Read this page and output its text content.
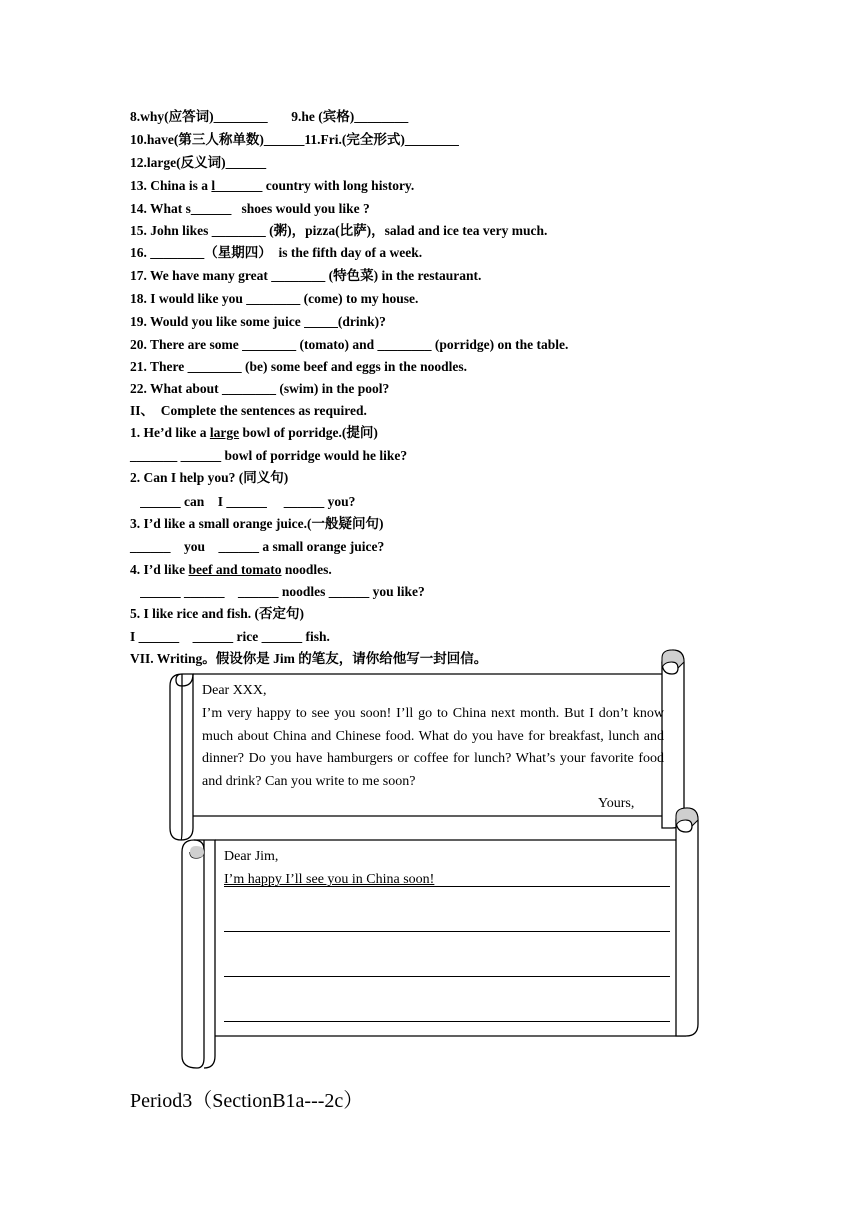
8.why(应答词)________       9.he (宾格)________
10.have(第三人称单数)______11.Fri.(完全形式)________
12.large(反义词)______
13. China is a l_______ country with long history.
14. What s______   shoes would you like ?
15. John likes ________ (粥)，pizza(比萨)，salad and ice tea very much.
16. ________（星期四）  is the fifth day of a week.
17. We have many great ________ (特色菜) in the restaurant.
18. I would like you ________ (come) to my house.
19. Would you like some juice _____(drink)?
20. There are some ________ (tomato) and ________ (porridge) on the table.
21. There ________ (be) some beef and eggs in the noodles.
22. What about ________ (swim) in the pool?
II、  Complete the sentences as required.
1. He’d like a large bowl of porridge.(提问)
_______ ______ bowl of porridge would he like?
2. Can I help you? (同义句)
______ can    I ______     ______ you?
3. I’d like a small orange juice.(一般疑问句)
______    you    ______ a small orange juice?
4. I’d like beef and tomato noodles.
______ ______    ______ noodles ______ you like?
5. I like rice and fish. (否定句)
I ______    ______ rice ______ fish.
VII. Writing。假设你是 Jim 的笔友，请你给他写一封回信。
Dear XXX,
I’m very happy to see you soon! I’ll go to China next month. But I don’t know much about China and Chinese food. What do you have for breakfast, lunch and dinner? Do you have hamburgers or coffee for lunch? What’s your favorite food and drink? Can you write to me soon?
Yours,
Dear Jim,
I’m happy I’ll see you in China soon!
Period3（SectionB1a---2c）
